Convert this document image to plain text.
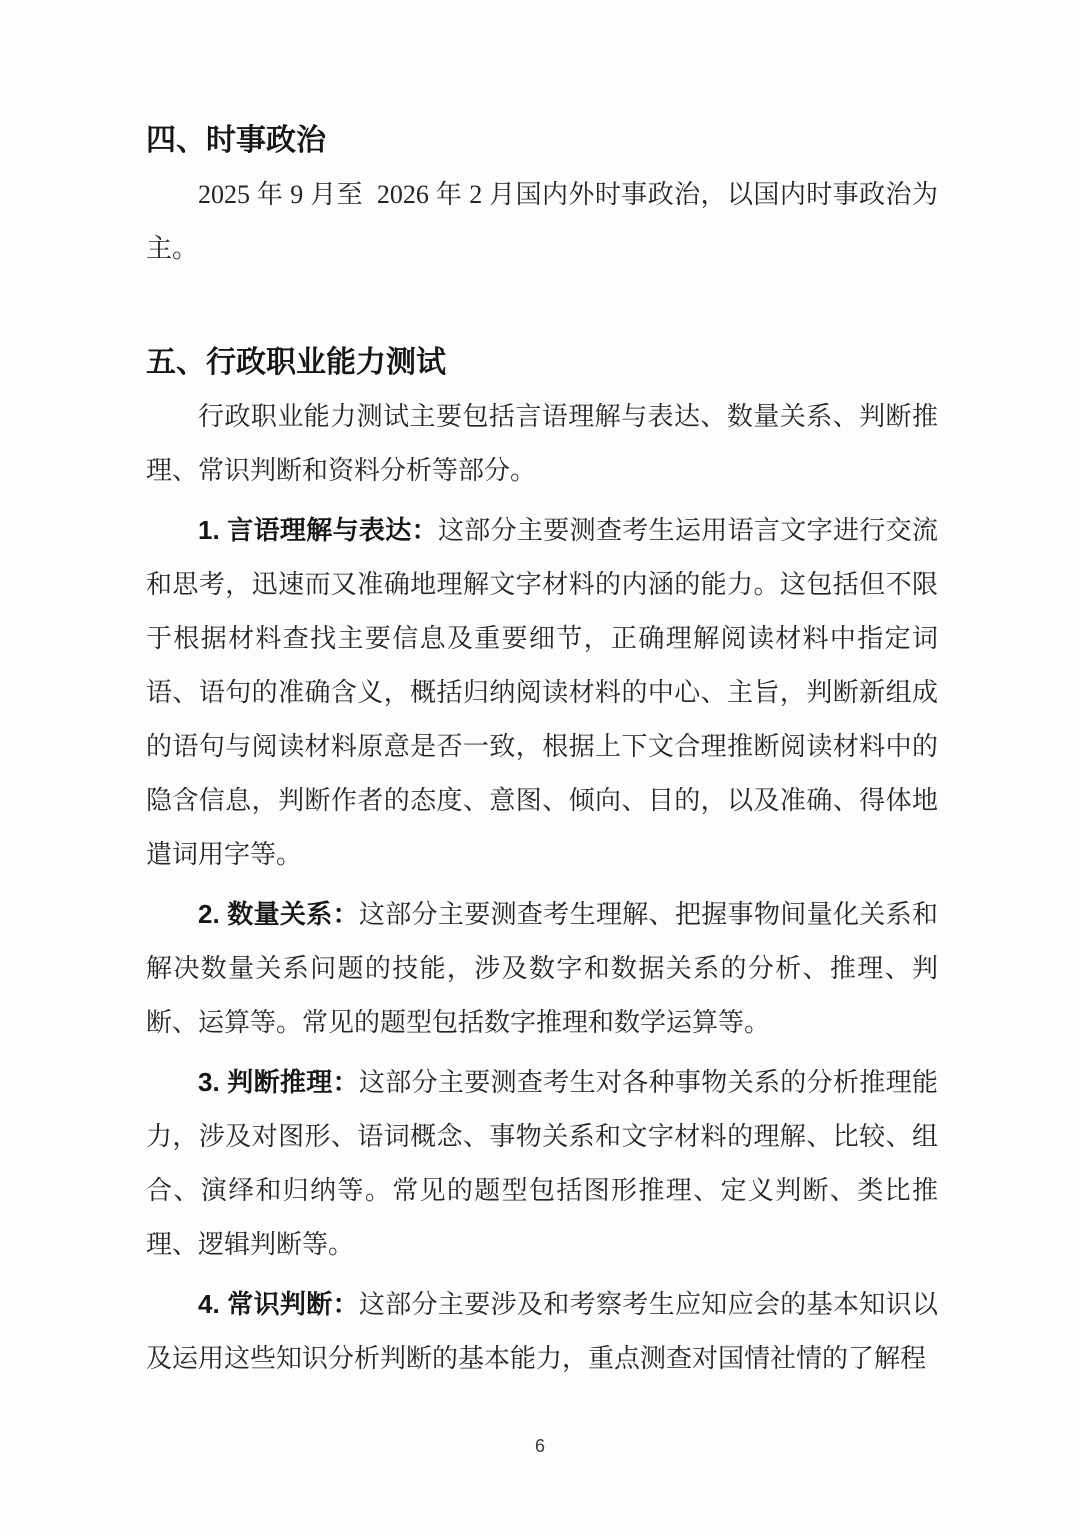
四、时事政治

2025 年 9 月至  2026 年 2 月国内外时事政治，以国内时事政治为主。

五、行政职业能力测试

行政职业能力测试主要包括言语理解与表达、数量关系、判断推理、常识判断和资料分析等部分。

1. 言语理解与表达：这部分主要测查考生运用语言文字进行交流和思考，迅速而又准确地理解文字材料的内涵的能力。这包括但不限于根据材料查找主要信息及重要细节，正确理解阅读材料中指定词语、语句的准确含义，概括归纳阅读材料的中心、主旨，判断新组成的语句与阅读材料原意是否一致，根据上下文合理推断阅读材料中的隐含信息，判断作者的态度、意图、倾向、目的，以及准确、得体地遣词用字等。

2. 数量关系：这部分主要测查考生理解、把握事物间量化关系和解决数量关系问题的技能，涉及数字和数据关系的分析、推理、判断、运算等。常见的题型包括数字推理和数学运算等。

3. 判断推理：这部分主要测查考生对各种事物关系的分析推理能力，涉及对图形、语词概念、事物关系和文字材料的理解、比较、组合、演绎和归纳等。常见的题型包括图形推理、定义判断、类比推理、逻辑判断等。

4. 常识判断：这部分主要涉及和考察考生应知应会的基本知识以及运用这些知识分析判断的基本能力，重点测查对国情社情的了解程

6
